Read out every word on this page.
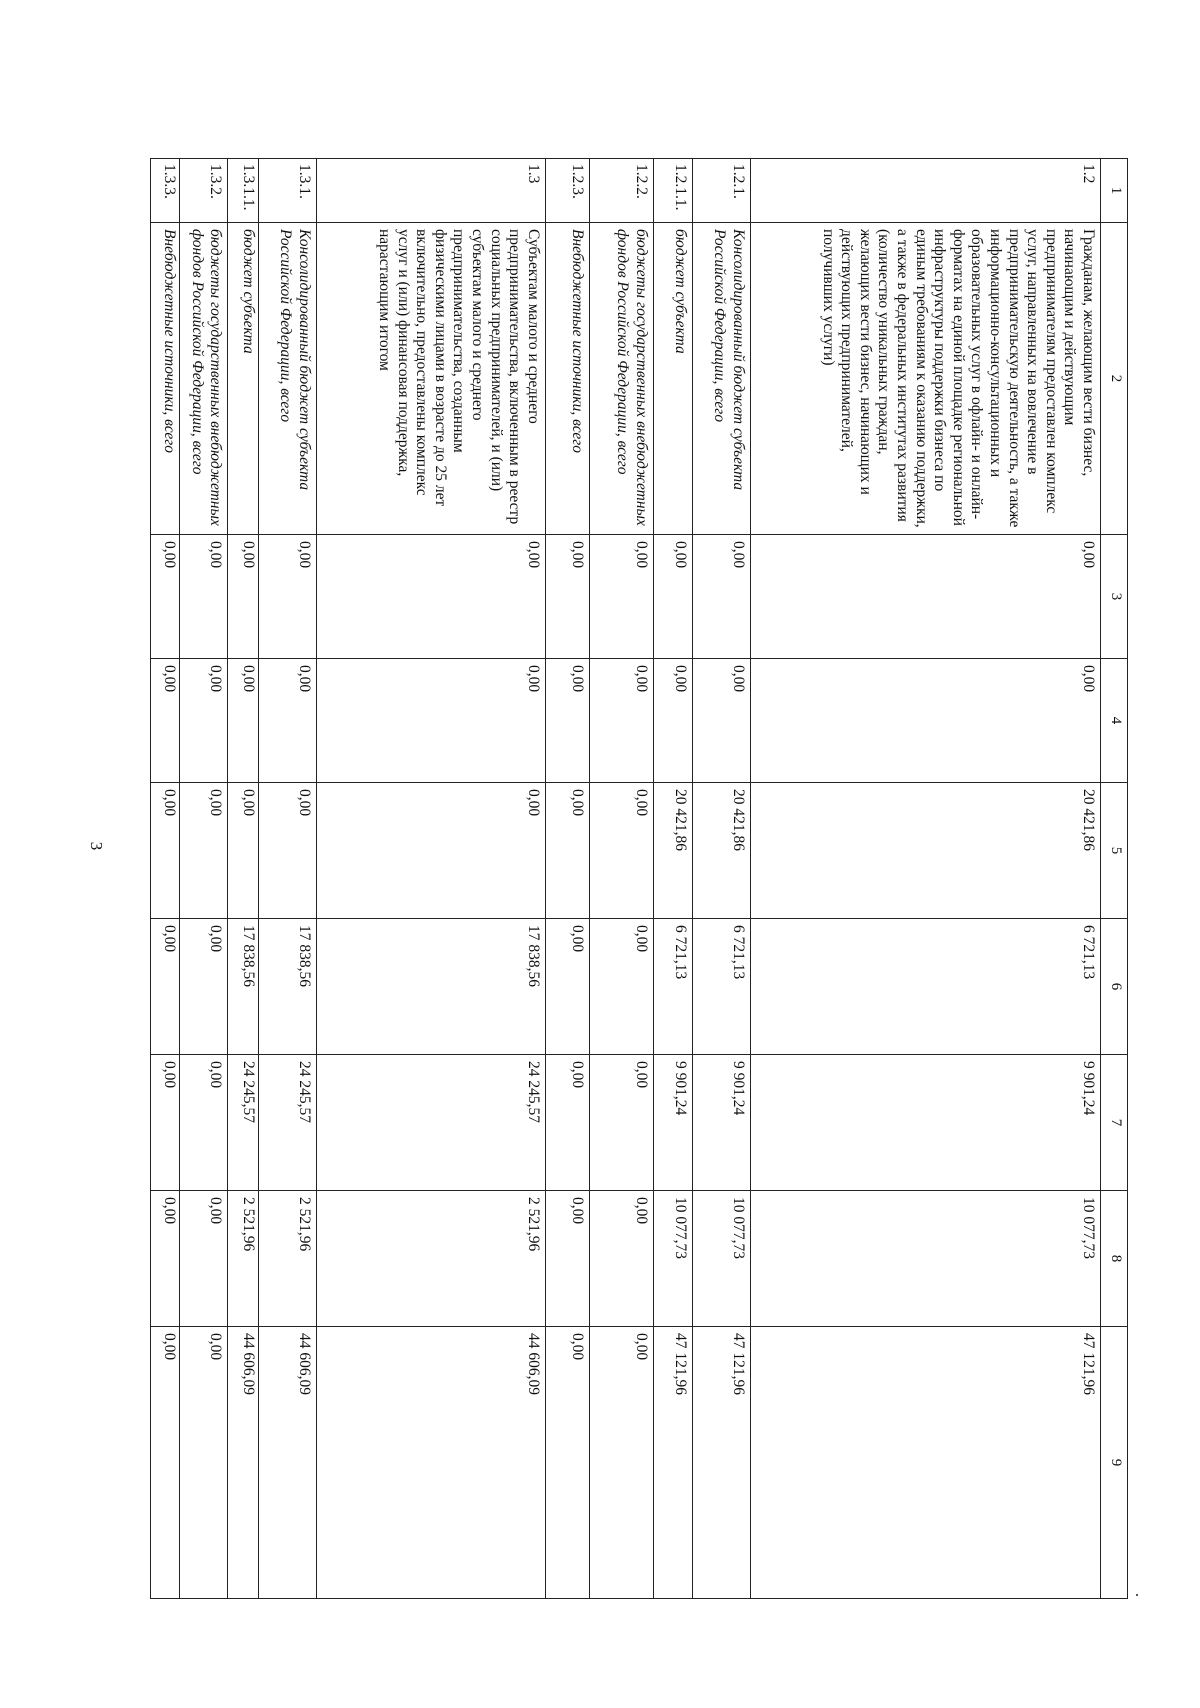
3
1	2	3	4	5	6	7	8	9
1.2	Гражданам, желающим вести бизнес, начинающим и действующим предпринимателям предоставлен комплекс услуг, направленных на вовлечение в предпринимательскую деятельность, а также информационно-консультационных и образовательных услуг в офлайн- и онлайн-форматах на единой площадке региональной инфраструктуры поддержки бизнеса по единым требованиям к оказанию поддержки, а также в федеральных институтах развития (количество уникальных граждан, желающих вести бизнес, начинающих и действующих предпринимателей, получивших услуги)	0,00	0,00	20 421,86	6 721,13	9 901,24	10 077,73	47 121,96
1.2.1.	Консолидированный бюджет субъекта Российской Федерации, всего	0,00	0,00	20 421,86	6 721,13	9 901,24	10 077,73	47 121,96
1.2.1.1.	бюджет субъекта	0,00	0,00	20 421,86	6 721,13	9 901,24	10 077,73	47 121,96
1.2.2.	бюджеты государственных внебюджетных фондов Российской Федерации, всего	0,00	0,00	0,00	0,00	0,00	0,00	0,00
1.2.3.	Внебюджетные источники, всего	0,00	0,00	0,00	0,00	0,00	0,00	0,00
1.3	Субъектам малого и среднего предпринимательства, включенным в реестр социальных предпринимателей, и (или) субъектам малого и среднего предпринимательства, созданным физическими лицами в возрасте до 25 лет включительно, предоставлены комплекс услуг и (или) финансовая поддержка, нарастающим итогом	0,00	0,00	0,00	17 838,56	24 245,57	2 521,96	44 606,09
1.3.1.	Консолидированный бюджет субъекта Российской Федерации, всего	0,00	0,00	0,00	17 838,56	24 245,57	2 521,96	44 606,09
1.3.1.1.	бюджет субъекта	0,00	0,00	0,00	17 838,56	24 245,57	2 521,96	44 606,09
1.3.2.	бюджеты государственных внебюджетных фондов Российской Федерации, всего	0,00	0,00	0,00	0,00	0,00	0,00	0,00
1.3.3.	Внебюджетные источники, всего	0,00	0,00	0,00	0,00	0,00	0,00	0,00
